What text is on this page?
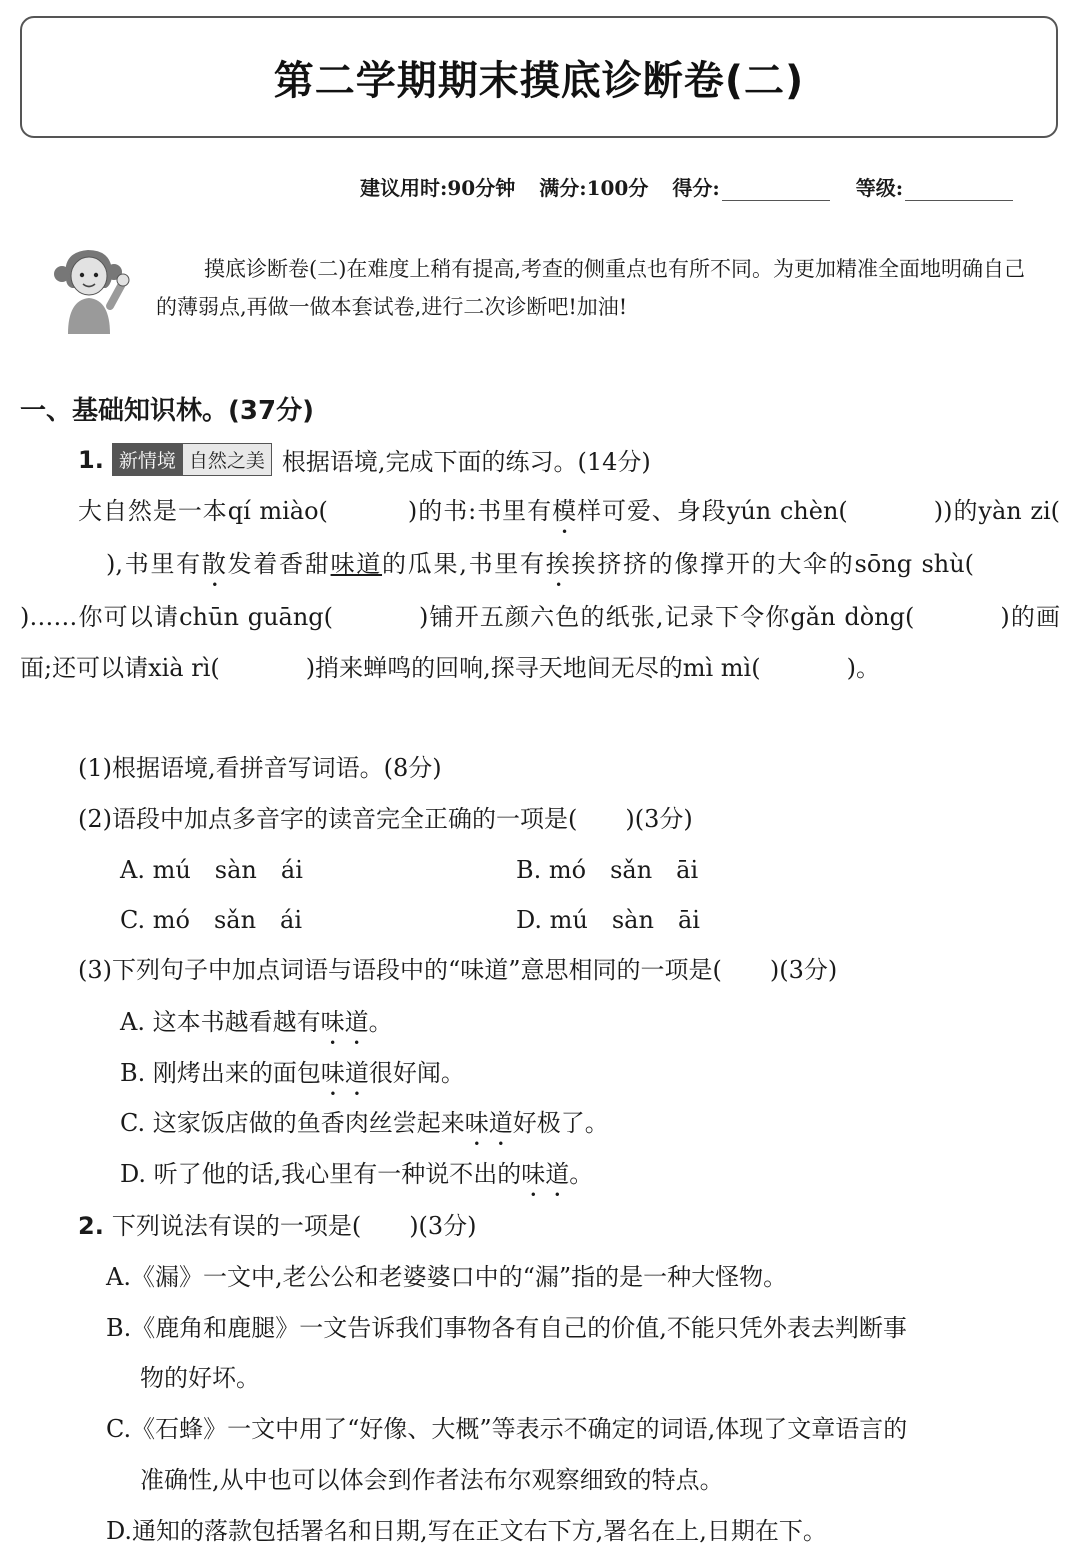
第二学期期末摸底诊断卷(二)
建议用时:90分钟 满分:100分 得分:	等级:
摸底诊断卷(二)在难度上稍有提高,考查的侧重点也有所不同。为更加精准全面地明确自己的薄弱点,再做一做本套试卷,进行二次诊断吧!加油!
一、基础知识林。(37分)
1. 新情境 自然之美 根据语境,完成下面的练习。(14分)
大自然是一本qí miào(	)的书:书里有模样可爱、身段yún chèn(	))的yàn zi(),书里有散发着香甜味道的瓜果,书里有挨挨挤挤的像撑开的大伞的sōng shù()……你可以请chūn guāng(	)铺开五颜六色的纸张,记录下令你gǎn dòng(	)的画面;还可以请xià rì(	)捎来蝉鸣的回响,探寻天地间无尽的mì mì(	)。
(1)根据语境,看拼音写词语。(8分)
(2)语段中加点多音字的读音完全正确的一项是(　　)(3分)
A. mú　sàn　ái	B. mó　sǎn　āi
C. mó　sǎn　ái	D. mú　sàn　āi
(3)下列句子中加点词语与语段中的“味道”意思相同的一项是(　　)(3分)
A. 这本书越看越有味道。
B. 刚烤出来的面包味道很好闻。
C. 这家饭店做的鱼香肉丝尝起来味道好极了。
D. 听了他的话,我心里有一种说不出的味道。
2. 下列说法有误的一项是(　　)(3分)
A.《漏》一文中,老公公和老婆婆口中的“漏”指的是一种大怪物。
B.《鹿角和鹿腿》一文告诉我们事物各有自己的价值,不能只凭外表去判断事
物的好坏。
C.《石蜂》一文中用了“好像、大概”等表示不确定的词语,体现了文章语言的
准确性,从中也可以体会到作者法布尔观察细致的特点。
D.通知的落款包括署名和日期,写在正文右下方,署名在上,日期在下。
